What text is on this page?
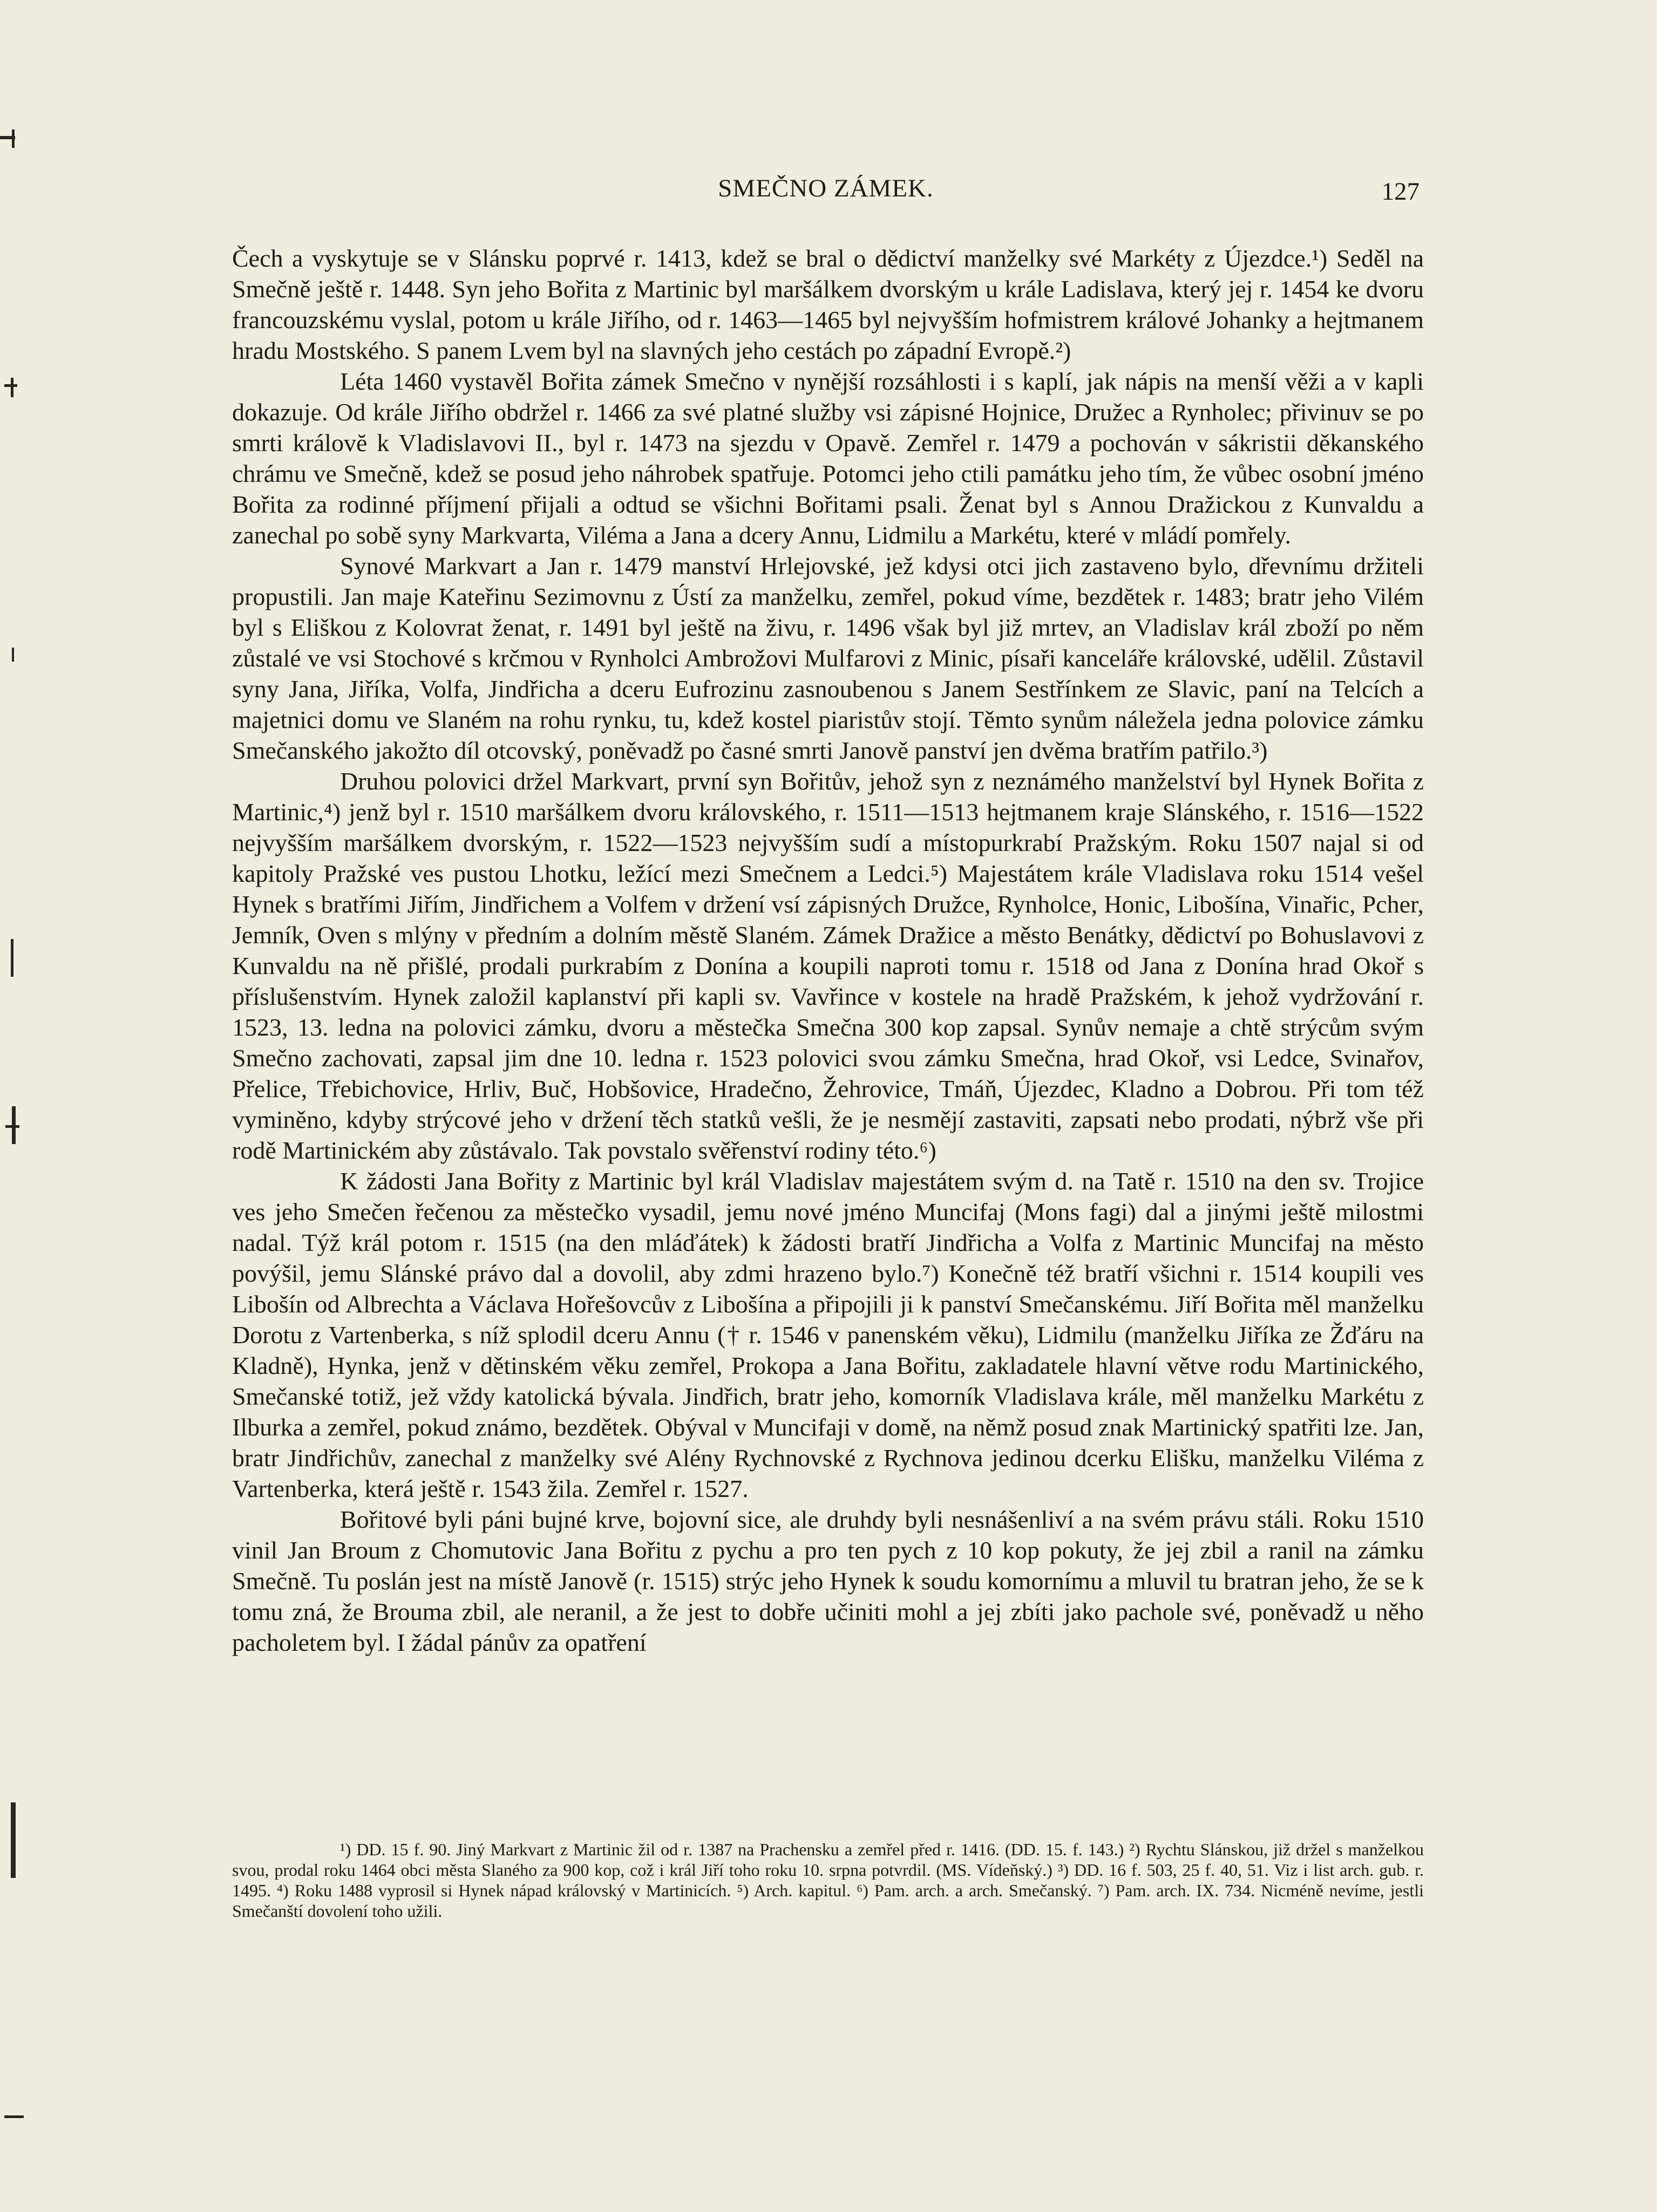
SMEČNO ZÁMEK.	127

Čech a vyskytuje se v Slánsku poprvé r. 1413, kdež se bral o dědictví manželky své Markéty z Újezdce.¹) Seděl na Smečně ještě r. 1448. Syn jeho Bořita z Martinic byl maršálkem dvorským u krále Ladislava, který jej r. 1454 ke dvoru francouzskému vyslal, potom u krále Jiřího, od r. 1463—1465 byl nejvyšším hofmistrem králové Johanky a hejtmanem hradu Mostského. S panem Lvem byl na slavných jeho cestách po západní Evropě.²)

Léta 1460 vystavěl Bořita zámek Smečno v nynější rozsáhlosti i s kaplí, jak nápis na menší věži a v kapli dokazuje. Od krále Jiřího obdržel r. 1466 za své platné služby vsi zápisné Hojnice, Družec a Rynholec; přivinuv se po smrti královĕ k Vladislavovi II., byl r. 1473 na sjezdu v Opavě. Zemřel r. 1479 a pochován v sákristii děkanského chrámu ve Smečně, kdež se posud jeho náhrobek spatřuje. Potomci jeho ctili památku jeho tím, že vůbec osobní jméno Bořita za rodinné příjmení přijali a odtud se všichni Bořitami psali. Ženat byl s Annou Dražickou z Kunvaldu a zanechal po sobě syny Markvarta, Viléma a Jana a dcery Annu, Lidmilu a Markétu, které v mládí pomřely.

Synové Markvart a Jan r. 1479 manství Hrlejovské, jež kdysi otci jich zastaveno bylo, dřevnímu držiteli propustili. Jan maje Kateřinu Sezimovnu z Ústí za manželku, zemřel, pokud víme, bezdĕtek r. 1483; bratr jeho Vilém byl s Eliškou z Kolovrat ženat, r. 1491 byl ještě na živu, r. 1496 však byl již mrtev, an Vladislav král zboží po něm zůstalé ve vsi Stochové s krčmou v Rynholci Ambrožovi Mulfarovi z Minic, písaři kanceláře královské, udělil. Zůstavil syny Jana, Jiříka, Volfa, Jindřicha a dceru Eufrozinu zasnoubenou s Janem Sestřínkem ze Slavic, paní na Telcích a majetnici domu ve Slaném na rohu rynku, tu, kdež kostel piaristův stojí. Těmto synům náležela jedna polovice zámku Smečanského jakožto díl otcovský, poněvadž po časné smrti Janově panství jen dvěma bratřím patřilo.³)

Druhou polovici držel Markvart, první syn Bořitův, jehož syn z neznámého manželství byl Hynek Bořita z Martinic,⁴) jenž byl r. 1510 maršálkem dvoru královského, r. 1511—1513 hejtmanem kraje Slánského, r. 1516—1522 nejvyšším maršálkem dvorským, r. 1522—1523 nejvyšším sudí a místopurkrabí Pražským. Roku 1507 najal si od kapitoly Pražské ves pustou Lhotku, ležící mezi Smečnem a Ledci.⁵) Majestátem krále Vladislava roku 1514 vešel Hynek s bratřími Jiřím, Jindřichem a Volfem v držení vsí zápisných Družce, Rynholce, Honic, Libošína, Vinařic, Pcher, Jemník, Oven s mlýny v předním a dolním městě Slaném. Zámek Dražice a město Benátky, dědictví po Bohuslavovi z Kunvaldu na ně přišlé, prodali purkrabím z Donína a koupili naproti tomu r. 1518 od Jana z Donína hrad Okoř s příslušenstvím. Hynek založil kaplanství při kapli sv. Vavřince v kostele na hradě Pražském, k jehož vydržování r. 1523, 13. ledna na polovici zámku, dvoru a městečka Smečna 300 kop zapsal. Synův nemaje a chtě strýcům svým Smečno zachovati, zapsal jim dne 10. ledna r. 1523 polovici svou zámku Smečna, hrad Okoř, vsi Ledce, Svinařov, Přelice, Třebichovice, Hrliv, Buč, Hobšovice, Hradečno, Žehrovice, Tmáň, Újezdec, Kladno a Dobrou. Při tom též vyminěno, kdyby strýcové jeho v držení těch statků vešli, že je nesmějí zastaviti, zapsati nebo prodati, nýbrž vše při rodě Martinickém aby zůstávalo. Tak povstalo svěřenství rodiny této.⁶)

K žádosti Jana Bořity z Martinic byl král Vladislav majestátem svým d. na Tatě r. 1510 na den sv. Trojice ves jeho Smečen řečenou za městečko vysadil, jemu nové jméno Muncifaj (Mons fagi) dal a jinými ještě milostmi nadal. Týž král potom r. 1515 (na den mláďátek) k žádosti bratří Jindřicha a Volfa z Martinic Muncifaj na město povýšil, jemu Slánské právo dal a dovolil, aby zdmi hrazeno bylo.⁷) Konečně též bratří všichni r. 1514 koupili ves Libošín od Albrechta a Václava Hořešovcův z Libošína a připojili ji k panství Smečanskému. Jiří Bořita měl manželku Dorotu z Vartenberka, s níž splodil dceru Annu († r. 1546 v panenském věku), Lidmilu (manželku Jiříka ze Žďáru na Kladně), Hynka, jenž v dětinském věku zemřel, Prokopa a Jana Bořitu, zakladatele hlavní větve rodu Martinického, Smečanské totiž, jež vždy katolická bývala. Jindřich, bratr jeho, komorník Vladislava krále, měl manželku Markétu z Ilburka a zemřel, pokud známo, bezdětek. Obýval v Muncifaji v domě, na němž posud znak Martinický spatřiti lze. Jan, bratr Jindřichův, zanechal z manželky své Alény Rychnovské z Rychnova jedinou dcerku Elišku, manželku Viléma z Vartenberka, která ještě r. 1543 žila. Zemřel r. 1527.

Bořitové byli páni bujné krve, bojovní sice, ale druhdy byli nesnášenliví a na svém právu stáli. Roku 1510 vinil Jan Broum z Chomutovic Jana Bořitu z pychu a pro ten pych z 10 kop pokuty, že jej zbil a ranil na zámku Smečně. Tu poslán jest na místě Janově (r. 1515) strýc jeho Hynek k soudu komornímu a mluvil tu bratran jeho, že se k tomu zná, že Brouma zbil, ale neranil, a že jest to dobře učiniti mohl a jej zbíti jako pachole své, poněvadž u něho pacholetem byl. I žádal pánův za opatření

¹) DD. 15 f. 90. Jiný Markvart z Martinic žil od r. 1387 na Prachensku a zemřel před r. 1416. (DD. 15. f. 143.) ²) Rychtu Slánskou, již držel s manželkou svou, prodal roku 1464 obci města Slaného za 900 kop, což i král Jiří toho roku 10. srpna potvrdil. (MS. Vídeňský.) ³) DD. 16 f. 503, 25 f. 40, 51. Viz i list arch. gub. r. 1495. ⁴) Roku 1488 vyprosil si Hynek nápad královský v Martinicích. ⁵) Arch. kapitul. ⁶) Pam. arch. a arch. Smečanský. ⁷) Pam. arch. IX. 734. Nicméně nevíme, jestli Smečanští dovolení toho užili.
